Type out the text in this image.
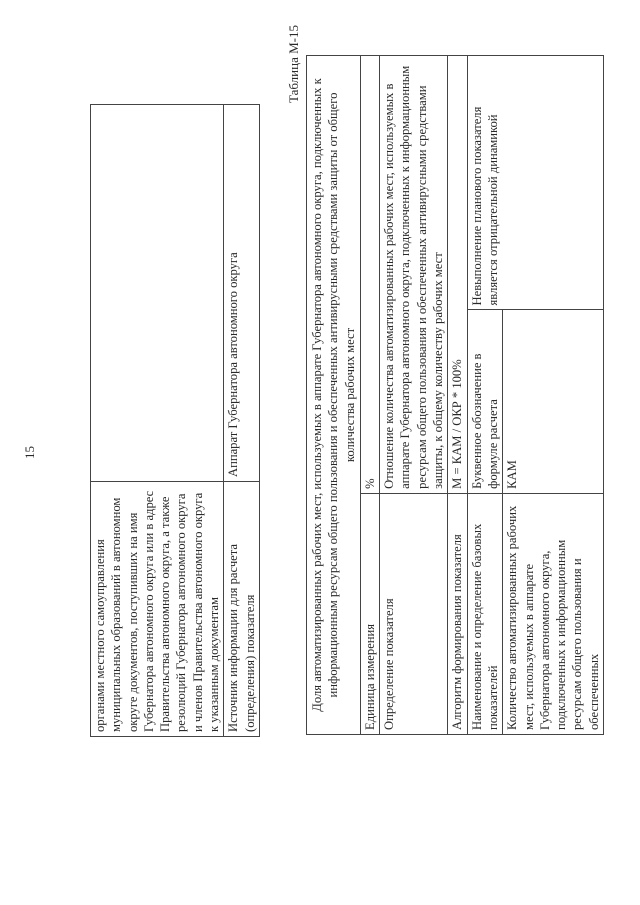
15
органами местного самоуправления муниципальных образований в автономном округе документов, поступивших на имя Губернатора автономного округа или в адрес Правительства автономного округа, а также резолюций Губернатора автономного округа и членов Правительства автономного округа к указанным документам	
Источник информации для расчета (определения) показателя	Аппарат Губернатора автономного округа
Таблица М-15
Доля автоматизированных рабочих мест, используемых в аппарате Губернатора автономного округа, подключенных к информационным ресурсам общего пользования и обеспеченных антивирусными средствами защиты от общего количества рабочих мест		
Единица измерения	%	
Определение показателя	Отношение количества автоматизированных рабочих мест, используемых в аппарате Губернатора автономного округа, подключенных к информационным ресурсам общего пользования и обеспеченных антивирусными средствами защиты, к общему количеству рабочих мест	
Алгоритм формирования показателя	М = КАМ / ОКР * 100%	
Наименование и определение базовых показателей	Буквенное обозначение в формуле расчета	Невыполнение планового показателя является отрицательной динамикой
Количество автоматизированных рабочих мест, используемых в аппарате Губернатора автономного округа, подключенных к информационным ресурсам общего пользования и обеспеченных	КАМ	
